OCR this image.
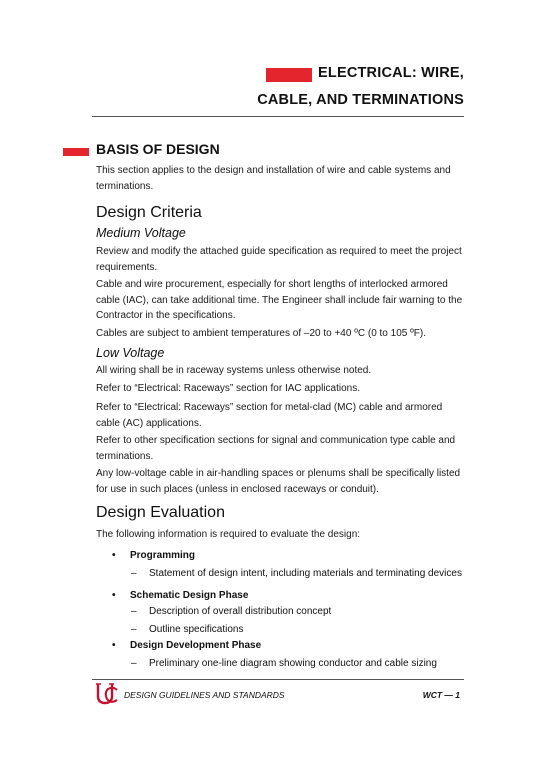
ELECTRICAL: WIRE,
CABLE, AND TERMINATIONS
BASIS OF DESIGN
This section applies to the design and installation of wire and cable systems and terminations.
Design Criteria
Medium Voltage
Review and modify the attached guide specification as required to meet the project requirements.
Cable and wire procurement, especially for short lengths of interlocked armored cable (IAC), can take additional time. The Engineer shall include fair warning to the Contractor in the specifications.
Cables are subject to ambient temperatures of –20 to +40 ºC (0 to 105 ºF).
Low Voltage
All wiring shall be in raceway systems unless otherwise noted.
Refer to “Electrical: Raceways” section for IAC applications.
Refer to “Electrical: Raceways” section for metal-clad (MC) cable and armored cable (AC) applications.
Refer to other specification sections for signal and communication type cable and terminations.
Any low-voltage cable in air-handling spaces or plenums shall be specifically listed for use in such places (unless in enclosed raceways or conduit).
Design Evaluation
The following information is required to evaluate the design:
• Programming
– Statement of design intent, including materials and terminating devices
• Schematic Design Phase
– Description of overall distribution concept
– Outline specifications
• Design Development Phase
– Preliminary one-line diagram showing conductor and cable sizing
DESIGN GUIDELINES AND STANDARDS	WCT — 1
